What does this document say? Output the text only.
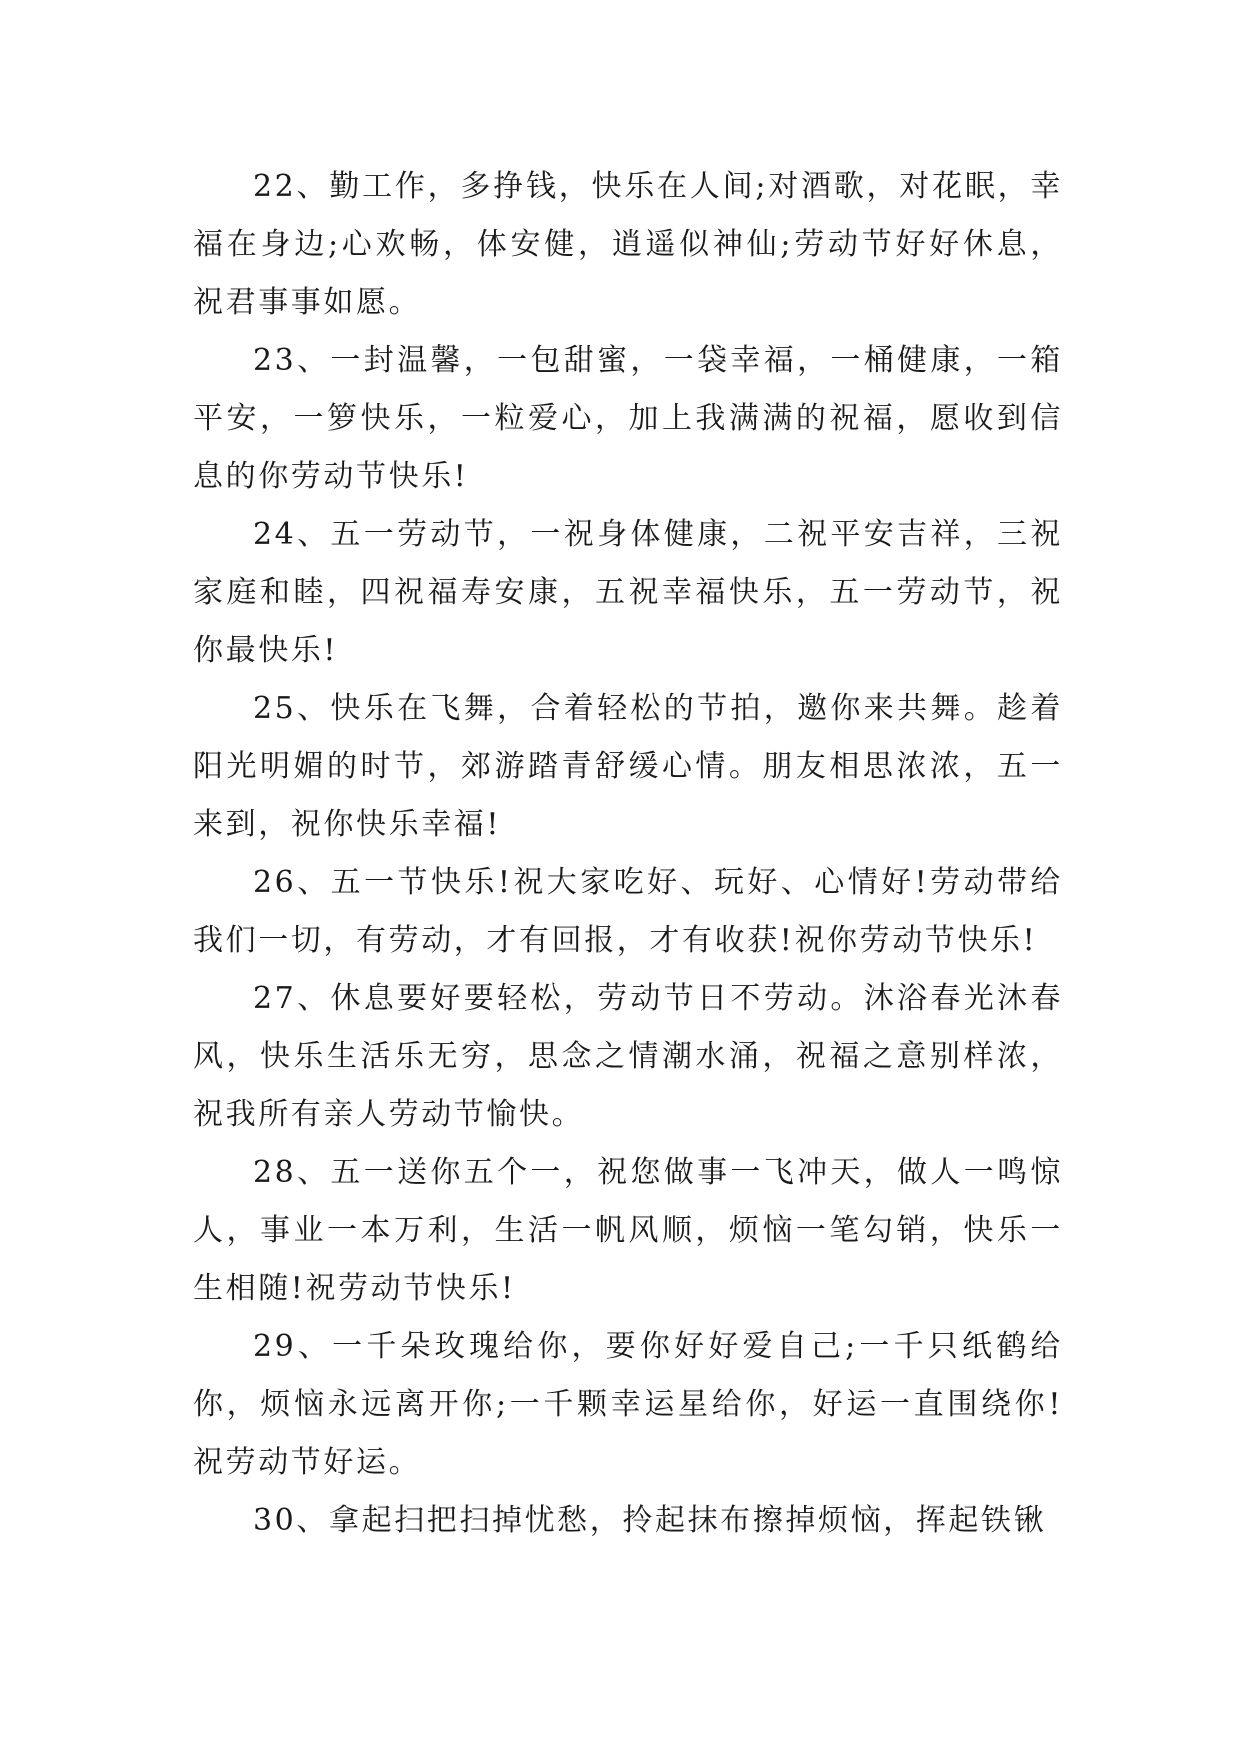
22、勤工作，多挣钱，快乐在人间;对酒歌，对花眠，幸福在身边;心欢畅，体安健，逍遥似神仙;劳动节好好休息，祝君事事如愿。

23、一封温馨，一包甜蜜，一袋幸福，一桶健康，一箱平安，一箩快乐，一粒爱心，加上我满满的祝福，愿收到信息的你劳动节快乐!

24、五一劳动节，一祝身体健康，二祝平安吉祥，三祝家庭和睦，四祝福寿安康，五祝幸福快乐，五一劳动节，祝你最快乐!

25、快乐在飞舞，合着轻松的节拍，邀你来共舞。趁着阳光明媚的时节，郊游踏青舒缓心情。朋友相思浓浓，五一来到，祝你快乐幸福!

26、五一节快乐!祝大家吃好、玩好、心情好!劳动带给我们一切，有劳动，才有回报，才有收获!祝你劳动节快乐!

27、休息要好要轻松，劳动节日不劳动。沐浴春光沐春风，快乐生活乐无穷，思念之情潮水涌，祝福之意别样浓，祝我所有亲人劳动节愉快。

28、五一送你五个一，祝您做事一飞冲天，做人一鸣惊人，事业一本万利，生活一帆风顺，烦恼一笔勾销，快乐一生相随!祝劳动节快乐!

29、一千朵玫瑰给你，要你好好爱自己;一千只纸鹤给你，烦恼永远离开你;一千颗幸运星给你，好运一直围绕你!祝劳动节好运。

30、拿起扫把扫掉忧愁，拎起抹布擦掉烦恼，挥起铁锹
